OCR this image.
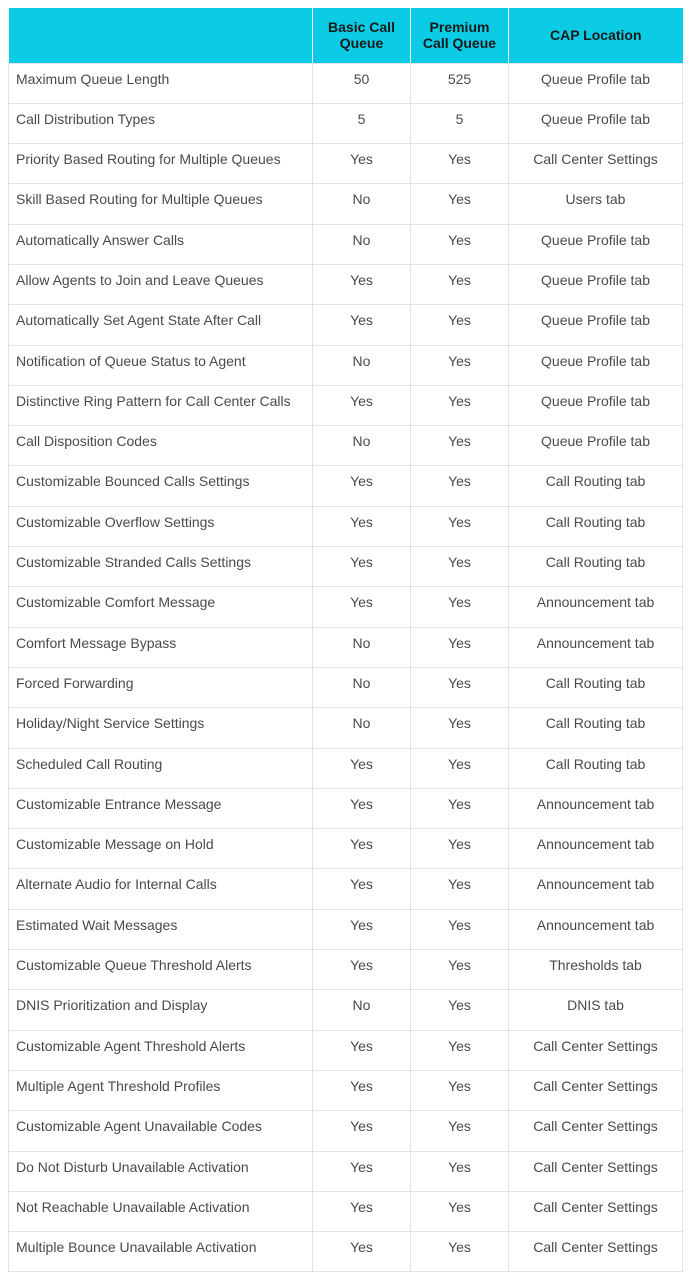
	Basic Call Queue	Premium Call Queue	CAP Location
Maximum Queue Length	50	525	Queue Profile tab
Call Distribution Types	5	5	Queue Profile tab
Priority Based Routing for Multiple Queues	Yes	Yes	Call Center Settings
Skill Based Routing for Multiple Queues	No	Yes	Users tab
Automatically Answer Calls	No	Yes	Queue Profile tab
Allow Agents to Join and Leave Queues	Yes	Yes	Queue Profile tab
Automatically Set Agent State After Call	Yes	Yes	Queue Profile tab
Notification of Queue Status to Agent	No	Yes	Queue Profile tab
Distinctive Ring Pattern for Call Center Calls	Yes	Yes	Queue Profile tab
Call Disposition Codes	No	Yes	Queue Profile tab
Customizable Bounced Calls Settings	Yes	Yes	Call Routing tab
Customizable Overflow Settings	Yes	Yes	Call Routing tab
Customizable Stranded Calls Settings	Yes	Yes	Call Routing tab
Customizable Comfort Message	Yes	Yes	Announcement tab
Comfort Message Bypass	No	Yes	Announcement tab
Forced Forwarding	No	Yes	Call Routing tab
Holiday/Night Service Settings	No	Yes	Call Routing tab
Scheduled Call Routing	Yes	Yes	Call Routing tab
Customizable Entrance Message	Yes	Yes	Announcement tab
Customizable Message on Hold	Yes	Yes	Announcement tab
Alternate Audio for Internal Calls	Yes	Yes	Announcement tab
Estimated Wait Messages	Yes	Yes	Announcement tab
Customizable Queue Threshold Alerts	Yes	Yes	Thresholds tab
DNIS Prioritization and Display	No	Yes	DNIS tab
Customizable Agent Threshold Alerts	Yes	Yes	Call Center Settings
Multiple Agent Threshold Profiles	Yes	Yes	Call Center Settings
Customizable Agent Unavailable Codes	Yes	Yes	Call Center Settings
Do Not Disturb Unavailable Activation	Yes	Yes	Call Center Settings
Not Reachable Unavailable Activation	Yes	Yes	Call Center Settings
Multiple Bounce Unavailable Activation	Yes	Yes	Call Center Settings
